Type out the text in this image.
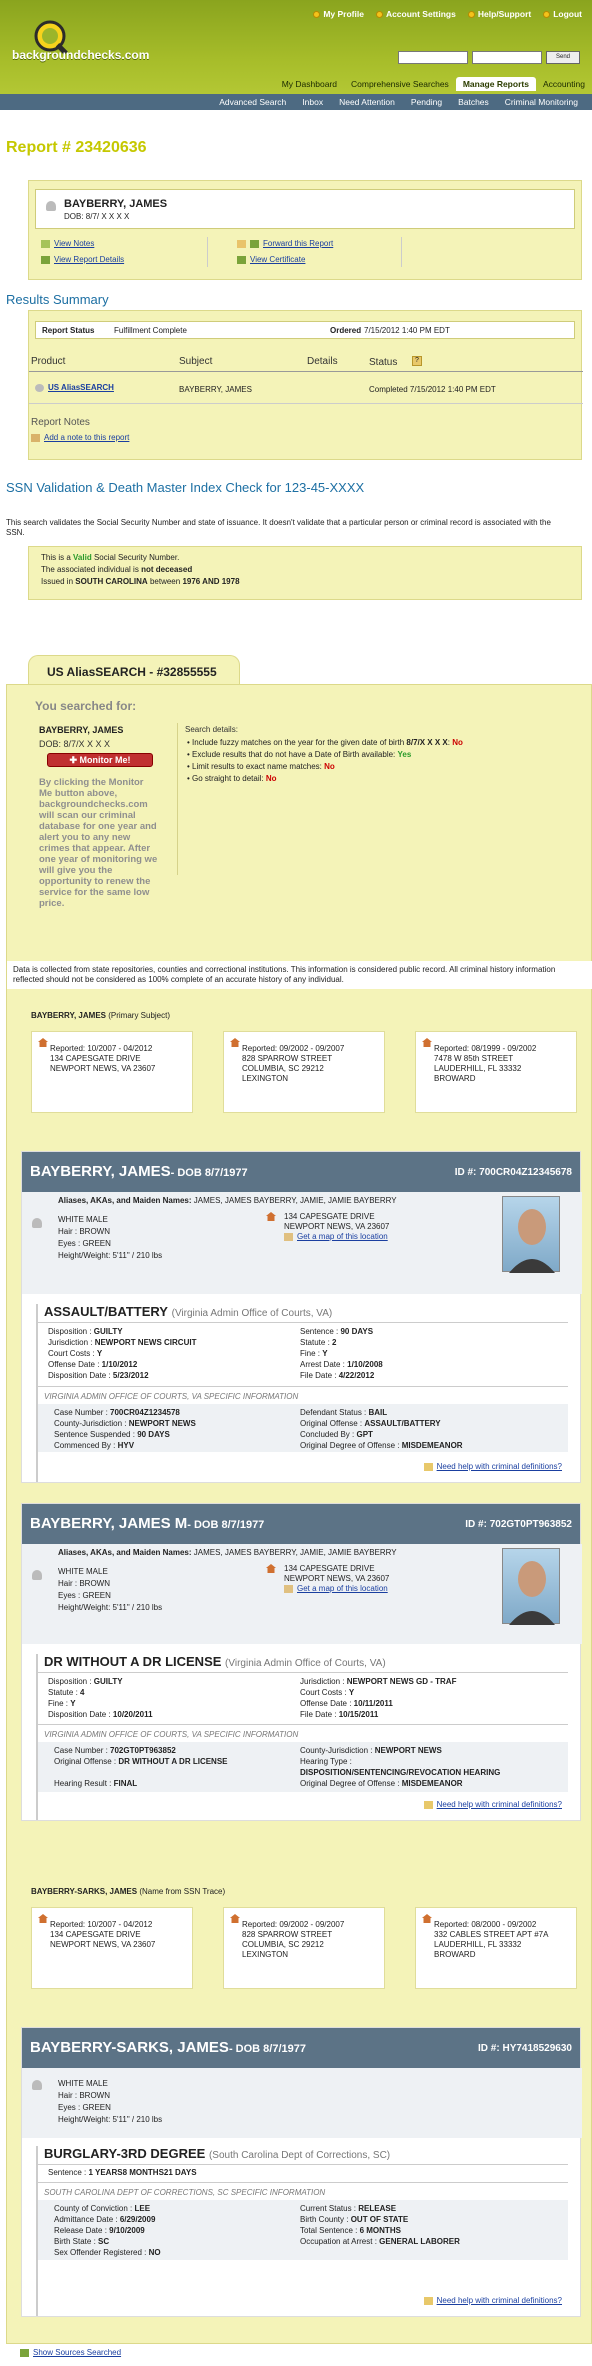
My Profile	Account Settings	Help/Support	Logout
backgroundchecks.com	Send
My Dashboard	Comprehensive Searches	Manage Reports	Accounting
Advanced Search Inbox Need Attention Pending Batches Criminal Monitoring
Report # 23420636
BAYBERRY, JAMES
DOB: 8/7/ X X X X
View Notes
View Report Details
Forward this Report
View Certificate
Results Summary
Report Status Fulfillment Complete	Ordered 7/15/2012 1:40 PM EDT
Product	Subject	Details	Status	?
US AliasSEARCH	BAYBERRY, JAMES	Completed 7/15/2012 1:40 PM EDT
Report Notes
Add a note to this report
SSN Validation & Death Master Index Check for 123-45-XXXX
This search validates the Social Security Number and state of issuance. It doesn't validate that a particular person or criminal record is associated with the SSN.
This is a Valid Social Security Number.
The associated individual is not deceased
Issued in SOUTH CAROLINA between 1976 AND 1978
US AliasSEARCH - #32855555
You searched for:
BAYBERRY, JAMES
DOB: 8/7/X X X X
✚ Monitor Me!
By clicking the Monitor Me button above, backgroundchecks.com will scan our criminal database for one year and alert you to any new crimes that appear. After one year of monitoring we will give you the opportunity to renew the service for the same low price.
Search details:
• Include fuzzy matches on the year for the given date of birth 8/7/X X X X: No
• Exclude results that do not have a Date of Birth available: Yes
• Limit results to exact name matches: No
• Go straight to detail: No
Data is collected from state repositories, counties and correctional institutions. This information is considered public record. All criminal history information reflected should not be considered as 100% complete of an accurate history of any individual.
BAYBERRY, JAMES (Primary Subject)
Reported: 10/2007 - 04/2012
134 CAPESGATE DRIVE
NEWPORT NEWS, VA 23607
Reported: 09/2002 - 09/2007
828 SPARROW STREET
COLUMBIA, SC 29212
LEXINGTON
Reported: 08/1999 - 09/2002
7478 W 85th STREET
LAUDERHILL, FL 33332
BROWARD
BAYBERRY, JAMES- DOB 8/7/1977	ID #: 700CR04Z12345678
Aliases, AKAs, and Maiden Names: JAMES, JAMES BAYBERRY, JAMIE, JAMIE BAYBERRY
WHITE MALE
Hair : BROWN
Eyes : GREEN
Height/Weight: 5'11" / 210 lbs
134 CAPESGATE DRIVE
NEWPORT NEWS, VA 23607
Get a map of this location
ASSAULT/BATTERY (Virginia Admin Office of Courts, VA)
Disposition : GUILTY
Jurisdiction : NEWPORT NEWS CIRCUIT
Court Costs : Y
Offense Date : 1/10/2012
Disposition Date : 5/23/2012
Sentence : 90 DAYS
Statute : 2
Fine : Y
Arrest Date : 1/10/2008
File Date : 4/22/2012
VIRGINIA ADMIN OFFICE OF COURTS, VA SPECIFIC INFORMATION
Case Number : 700CR04Z1234578
County-Jurisdiction : NEWPORT NEWS
Sentence Suspended : 90 DAYS
Commenced By : HYV
Defendant Status : BAIL
Original Offense : ASSAULT/BATTERY
Concluded By : GPT
Original Degree of Offense : MISDEMEANOR
Need help with criminal definitions?
BAYBERRY, JAMES M- DOB 8/7/1977	ID #: 702GT0PT963852
Aliases, AKAs, and Maiden Names: JAMES, JAMES BAYBERRY, JAMIE, JAMIE BAYBERRY
WHITE MALE
Hair : BROWN
Eyes : GREEN
Height/Weight: 5'11" / 210 lbs
134 CAPESGATE DRIVE
NEWPORT NEWS, VA 23607
Get a map of this location
DR WITHOUT A DR LICENSE (Virginia Admin Office of Courts, VA)
Disposition : GUILTY
Statute : 4
Fine : Y
Disposition Date : 10/20/2011
Jurisdiction : NEWPORT NEWS GD - TRAF
Court Costs : Y
Offense Date : 10/11/2011
File Date : 10/15/2011
VIRGINIA ADMIN OFFICE OF COURTS, VA SPECIFIC INFORMATION
Case Number : 702GT0PT963852
Original Offense : DR WITHOUT A DR LICENSE
Hearing Result : FINAL
County-Jurisdiction : NEWPORT NEWS
Hearing Type :
DISPOSITION/SENTENCING/REVOCATION HEARING
Original Degree of Offense : MISDEMEANOR
Need help with criminal definitions?
BAYBERRY-SARKS, JAMES (Name from SSN Trace)
Reported: 10/2007 - 04/2012
134 CAPESGATE DRIVE
NEWPORT NEWS, VA 23607
Reported: 09/2002 - 09/2007
828 SPARROW STREET
COLUMBIA, SC 29212
LEXINGTON
Reported: 08/2000 - 09/2002
332 CABLES STREET APT #7A
LAUDERHILL, FL 33332
BROWARD
BAYBERRY-SARKS, JAMES- DOB 8/7/1977	ID #: HY7418529630
WHITE MALE
Hair : BROWN
Eyes : GREEN
Height/Weight: 5'11" / 210 lbs
BURGLARY-3RD DEGREE (South Carolina Dept of Corrections, SC)
Sentence : 1 YEARS8 MONTHS21 DAYS
SOUTH CAROLINA DEPT OF CORRECTIONS, SC SPECIFIC INFORMATION
County of Conviction : LEE
Admittance Date : 6/29/2009
Release Date : 9/10/2009
Birth State : SC
Sex Offender Registered : NO
Current Status : RELEASE
Birth County : OUT OF STATE
Total Sentence : 6 MONTHS
Occupation at Arrest : GENERAL LABORER
Need help with criminal definitions?
Show Sources Searched
